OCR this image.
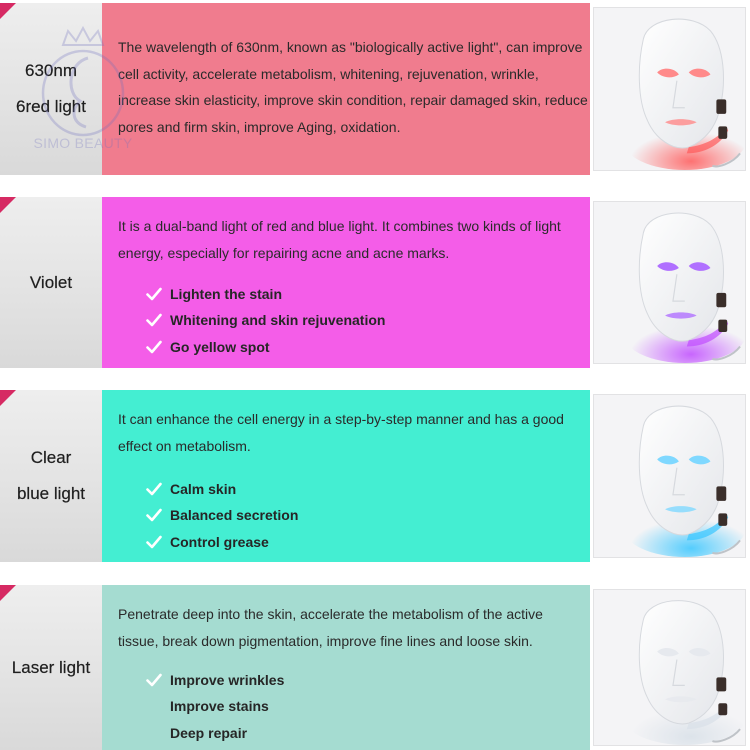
630nm
6red light
The wavelength of 630nm, known as "biologically active light", can improve cell activity, accelerate metabolism, whitening, rejuvenation, wrinkle, increase skin elasticity, improve skin condition, repair damaged skin, reduce pores and firm skin, improve Aging, oxidation.
SIMO BEAUTY
Violet
It is a dual-band light of red and blue light. It combines two kinds of light energy, especially for repairing acne and acne marks.
Lighten the stain
Whitening and skin rejuvenation
Go yellow spot
Clear
blue light
It can enhance the cell energy in a step-by-step manner and has a good effect on metabolism.
Calm skin
Balanced secretion
Control grease
Laser light
Penetrate deep into the skin, accelerate the metabolism of the active tissue, break down pigmentation, improve fine lines and loose skin.
Improve wrinkles
Improve stains
Deep repair
